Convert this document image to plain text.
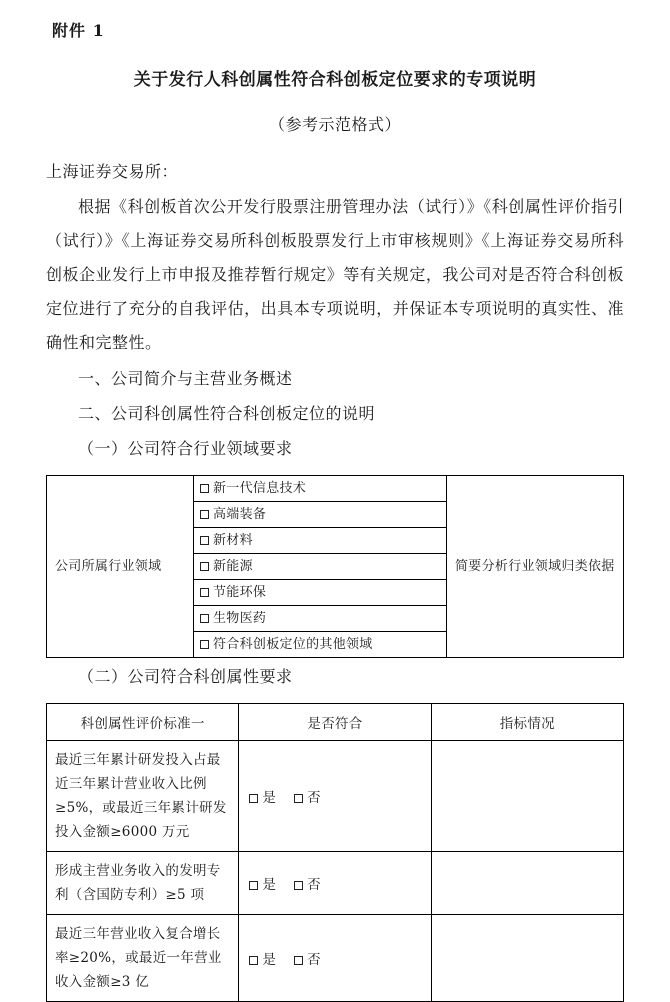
附件 1
关于发行人科创属性符合科创板定位要求的专项说明
（参考示范格式）
上海证券交易所：
根据《科创板首次公开发行股票注册管理办法（试行）》《科创属性评价指引（试行）》《上海证券交易所科创板股票发行上市审核规则》《上海证券交易所科创板企业发行上市申报及推荐暂行规定》等有关规定，我公司对是否符合科创板定位进行了充分的自我评估，出具本专项说明，并保证本专项说明的真实性、准确性和完整性。
一、公司简介与主营业务概述
二、公司科创属性符合科创板定位的说明
（一）公司符合行业领域要求
公司所属行业领域	新一代信息技术	简要分析行业领域归类依据
高端装备
新材料
新能源
节能环保
生物医药
符合科创板定位的其他领域
（二）公司符合科创属性要求
科创属性评价标准一	是否符合	指标情况
最近三年累计研发投入占最近三年累计营业收入比例≥5%，或最近三年累计研发投入金额≥6000 万元	是 否	
形成主营业务收入的发明专利（含国防专利）≥5 项	是 否	
最近三年营业收入复合增长率≥20%，或最近一年营业收入金额≥3 亿	是 否	
